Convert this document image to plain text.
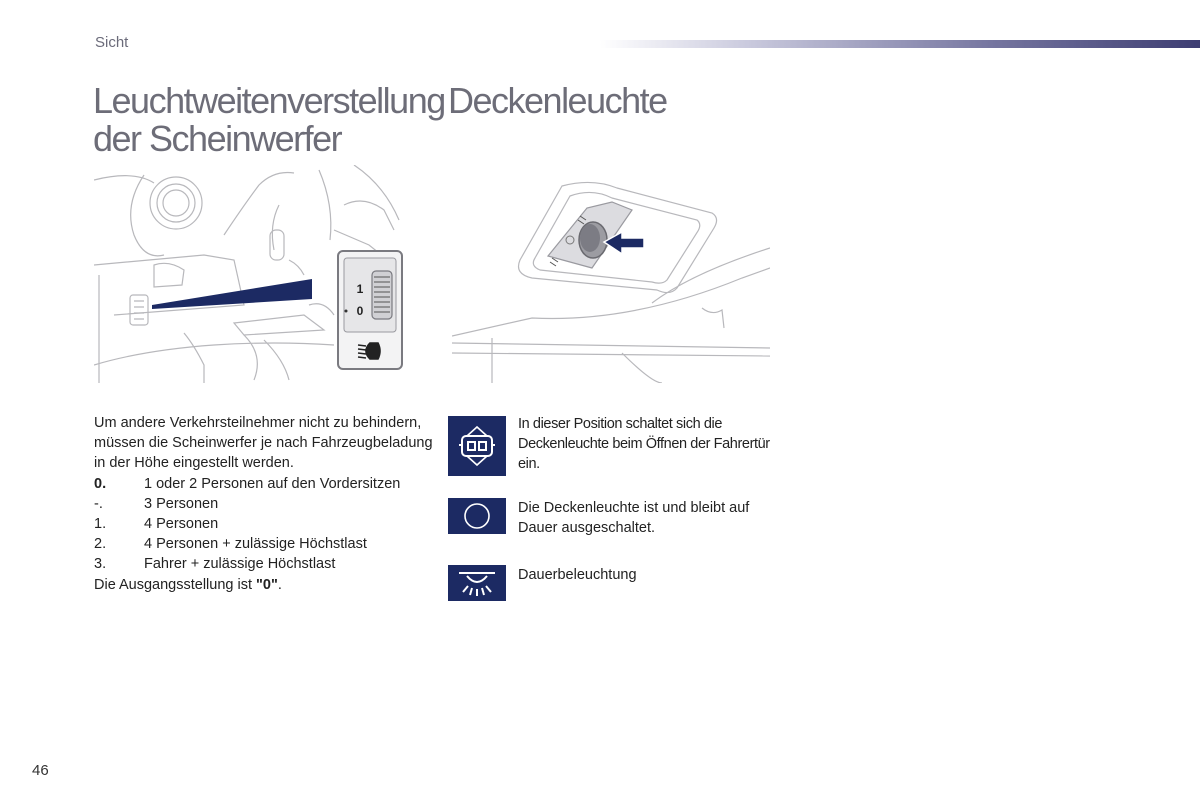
Sicht
Leuchtweitenverstellung
der Scheinwerfer
Deckenleuchte
1
0

Um andere Verkehrsteilnehmer nicht zu behindern, müssen die Scheinwerfer je nach Fahrzeugbeladung in der Höhe eingestellt werden.

0.	1 oder 2 Personen auf den Vordersitzen
-.	3 Personen
1.	4 Personen
2.	4 Personen + zulässige Höchstlast
3.	Fahrer + zulässige Höchstlast

Die Ausgangsstellung ist "0".

In dieser Position schaltet sich die Deckenleuchte beim Öffnen der Fahrertür ein.
Die Deckenleuchte ist und bleibt auf Dauer ausgeschaltet.
Dauerbeleuchtung
46
